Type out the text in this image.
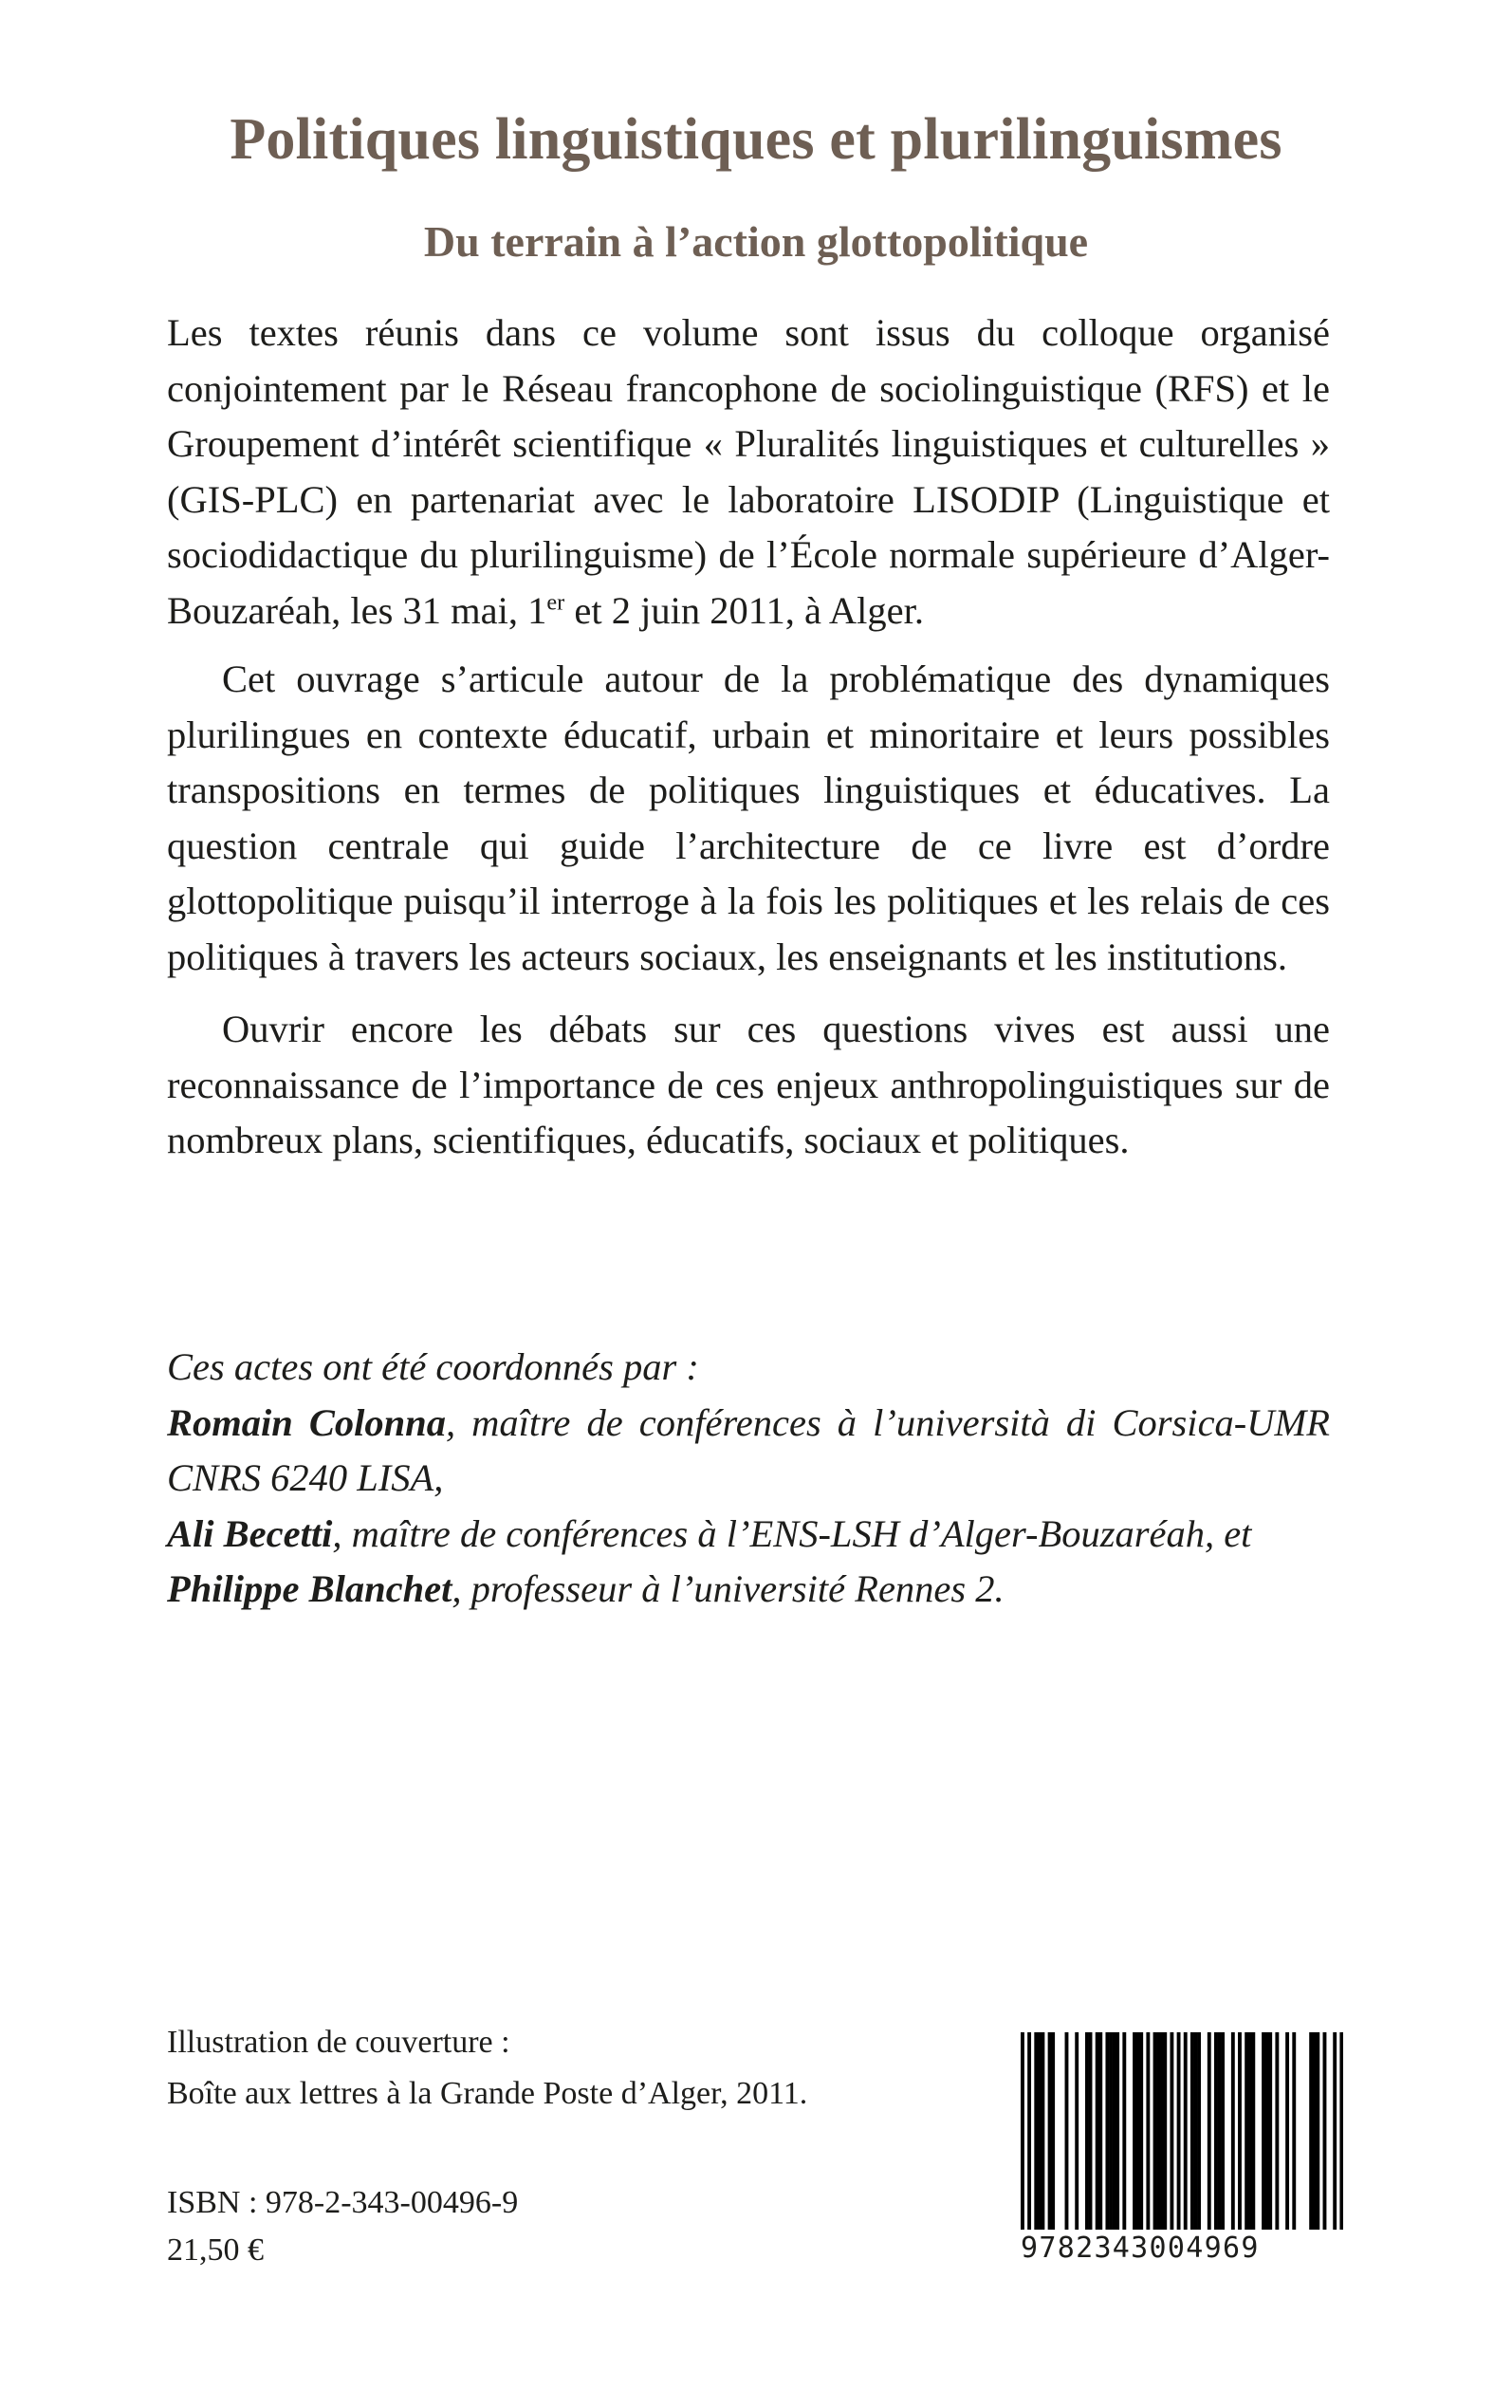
Politiques linguistiques et plurilinguismes
Du terrain à l’action glottopolitique

Les textes réunis dans ce volume sont issus du colloque organisé conjointement par le Réseau francophone de sociolinguistique (RFS) et le Groupement d’intérêt scientifique « Pluralités linguistiques et culturelles » (GIS-PLC) en partenariat avec le laboratoire LISODIP (Linguistique et sociodidactique du plurilinguisme) de l’École normale supérieure d’Alger-Bouzaréah, les 31 mai, 1er et 2 juin 2011, à Alger.

Cet ouvrage s’articule autour de la problématique des dynamiques plurilingues en contexte éducatif, urbain et minoritaire et leurs possibles transpositions en termes de politiques linguistiques et éducatives. La question centrale qui guide l’architecture de ce livre est d’ordre glottopolitique puisqu’il interroge à la fois les politiques et les relais de ces politiques à travers les acteurs sociaux, les enseignants et les institutions.

Ouvrir encore les débats sur ces questions vives est aussi une reconnaissance de l’importance de ces enjeux anthropolinguistiques sur de nombreux plans, scientifiques, éducatifs, sociaux et politiques.

Ces actes ont été coordonnés par :

Romain Colonna, maître de conférences à l’università di Corsica-UMR CNRS 6240 LISA,

Ali Becetti, maître de conférences à l’ENS-LSH d’Alger-Bouzaréah, et

Philippe Blanchet, professeur à l’université Rennes 2.

Illustration de couverture :

Boîte aux lettres à la Grande Poste d’Alger, 2011.

ISBN : 978-2-343-00496-9

21,50 €	9782343004969
